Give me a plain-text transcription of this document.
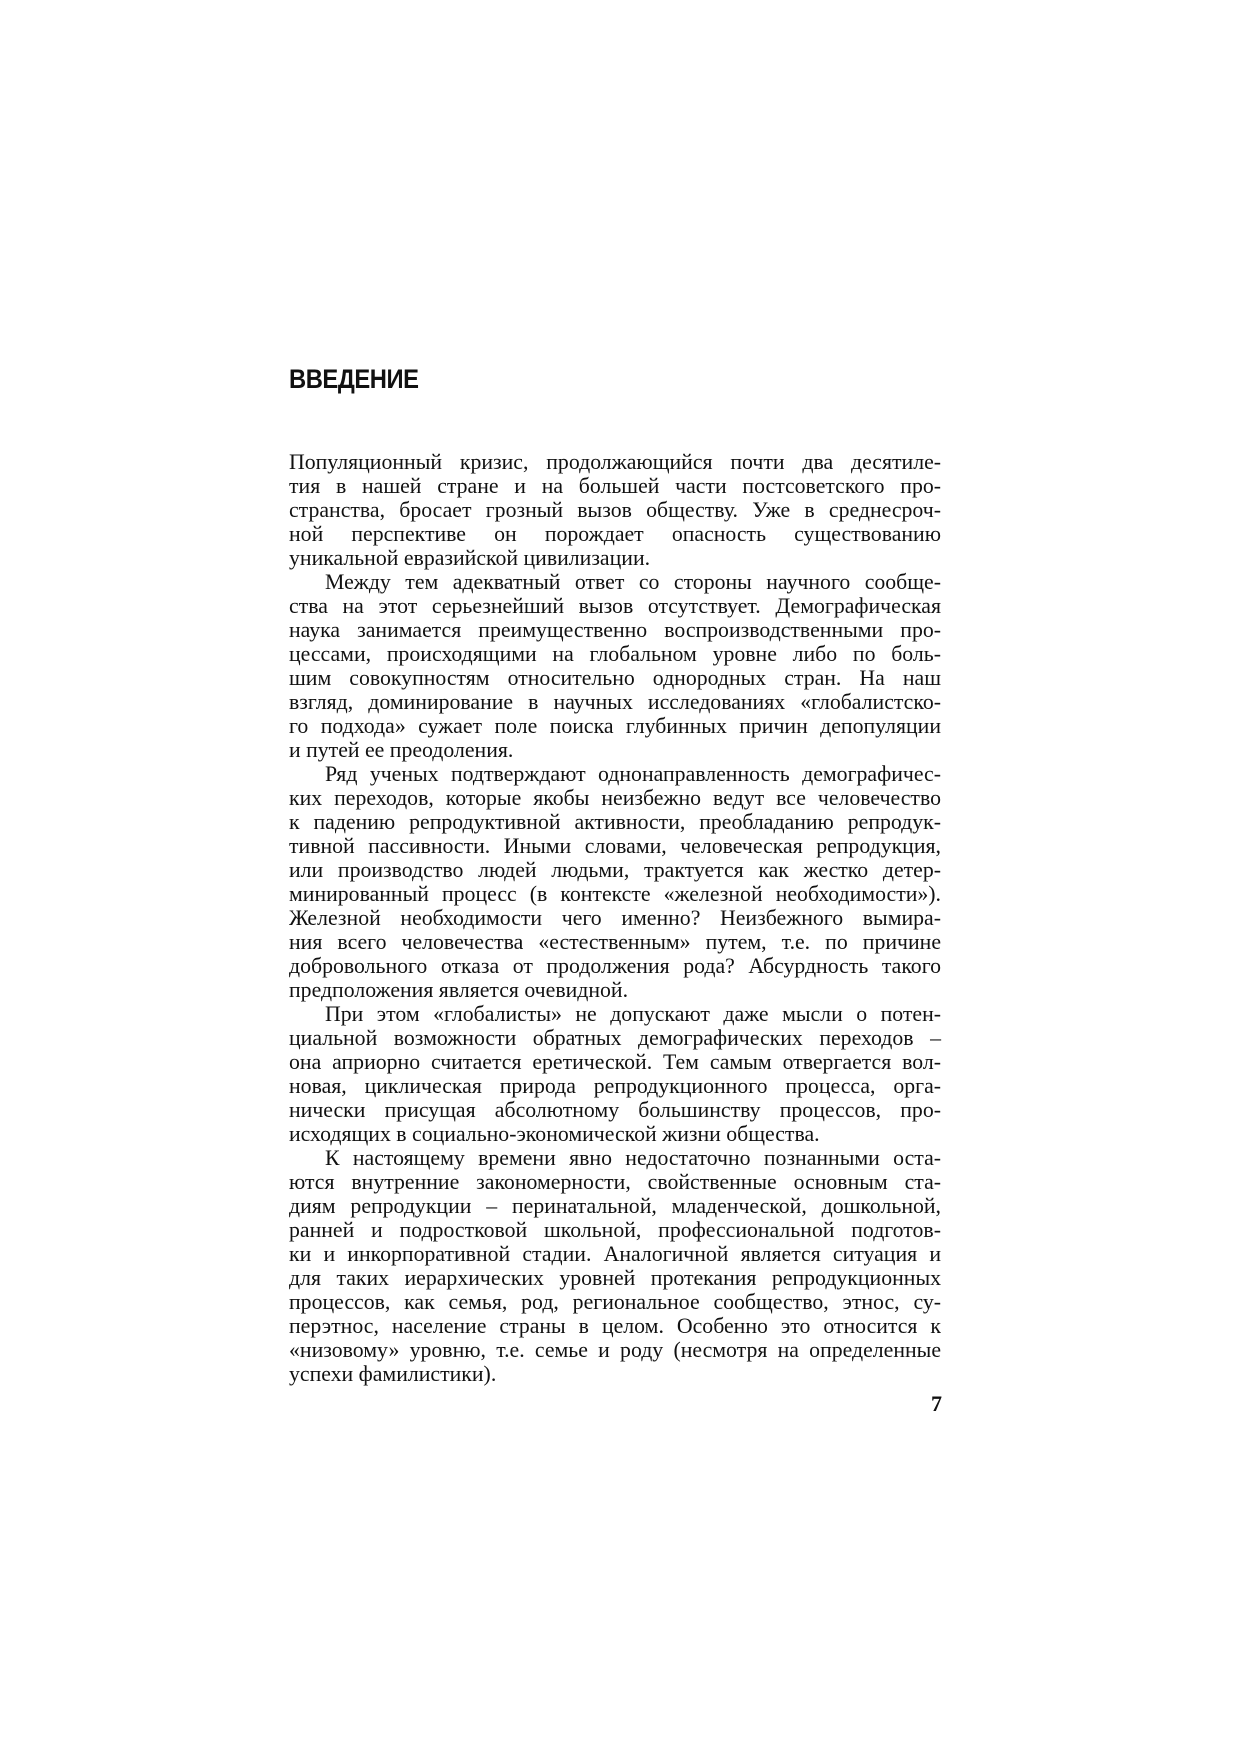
ВВЕДЕНИЕ
Популяционный кризис, продолжающийся почти два десятиле-
тия в нашей стране и на большей части постсоветского про-
странства, бросает грозный вызов обществу. Уже в среднесроч-
ной перспективе он порождает опасность существованию
уникальной евразийской цивилизации.
Между тем адекватный ответ со стороны научного сообще-
ства на этот серьезнейший вызов отсутствует. Демографическая
наука занимается преимущественно воспроизводственными про-
цессами, происходящими на глобальном уровне либо по боль-
шим совокупностям относительно однородных стран. На наш
взгляд, доминирование в научных исследованиях «глобалистско-
го подхода» сужает поле поиска глубинных причин депопуляции
и путей ее преодоления.
Ряд ученых подтверждают однонаправленность демографичес-
ких переходов, которые якобы неизбежно ведут все человечество
к падению репродуктивной активности, преобладанию репродук-
тивной пассивности. Иными словами, человеческая репродукция,
или производство людей людьми, трактуется как жестко детер-
минированный процесс (в контексте «железной необходимости»).
Железной необходимости чего именно? Неизбежного вымира-
ния всего человечества «естественным» путем, т.е. по причине
добровольного отказа от продолжения рода? Абсурдность такого
предположения является очевидной.
При этом «глобалисты» не допускают даже мысли о потен-
циальной возможности обратных демографических переходов –
она априорно считается еретической. Тем самым отвергается вол-
новая, циклическая природа репродукционного процесса, орга-
нически присущая абсолютному большинству процессов, про-
исходящих в социально-экономической жизни общества.
К настоящему времени явно недостаточно познанными оста-
ются внутренние закономерности, свойственные основным ста-
диям репродукции – перинатальной, младенческой, дошкольной,
ранней и подростковой школьной, профессиональной подготов-
ки и инкорпоративной стадии. Аналогичной является ситуация и
для таких иерархических уровней протекания репродукционных
процессов, как семья, род, региональное сообщество, этнос, су-
перэтнос, население страны в целом. Особенно это относится к
«низовому» уровню, т.е. семье и роду (несмотря на определенные
успехи фамилистики).
7
